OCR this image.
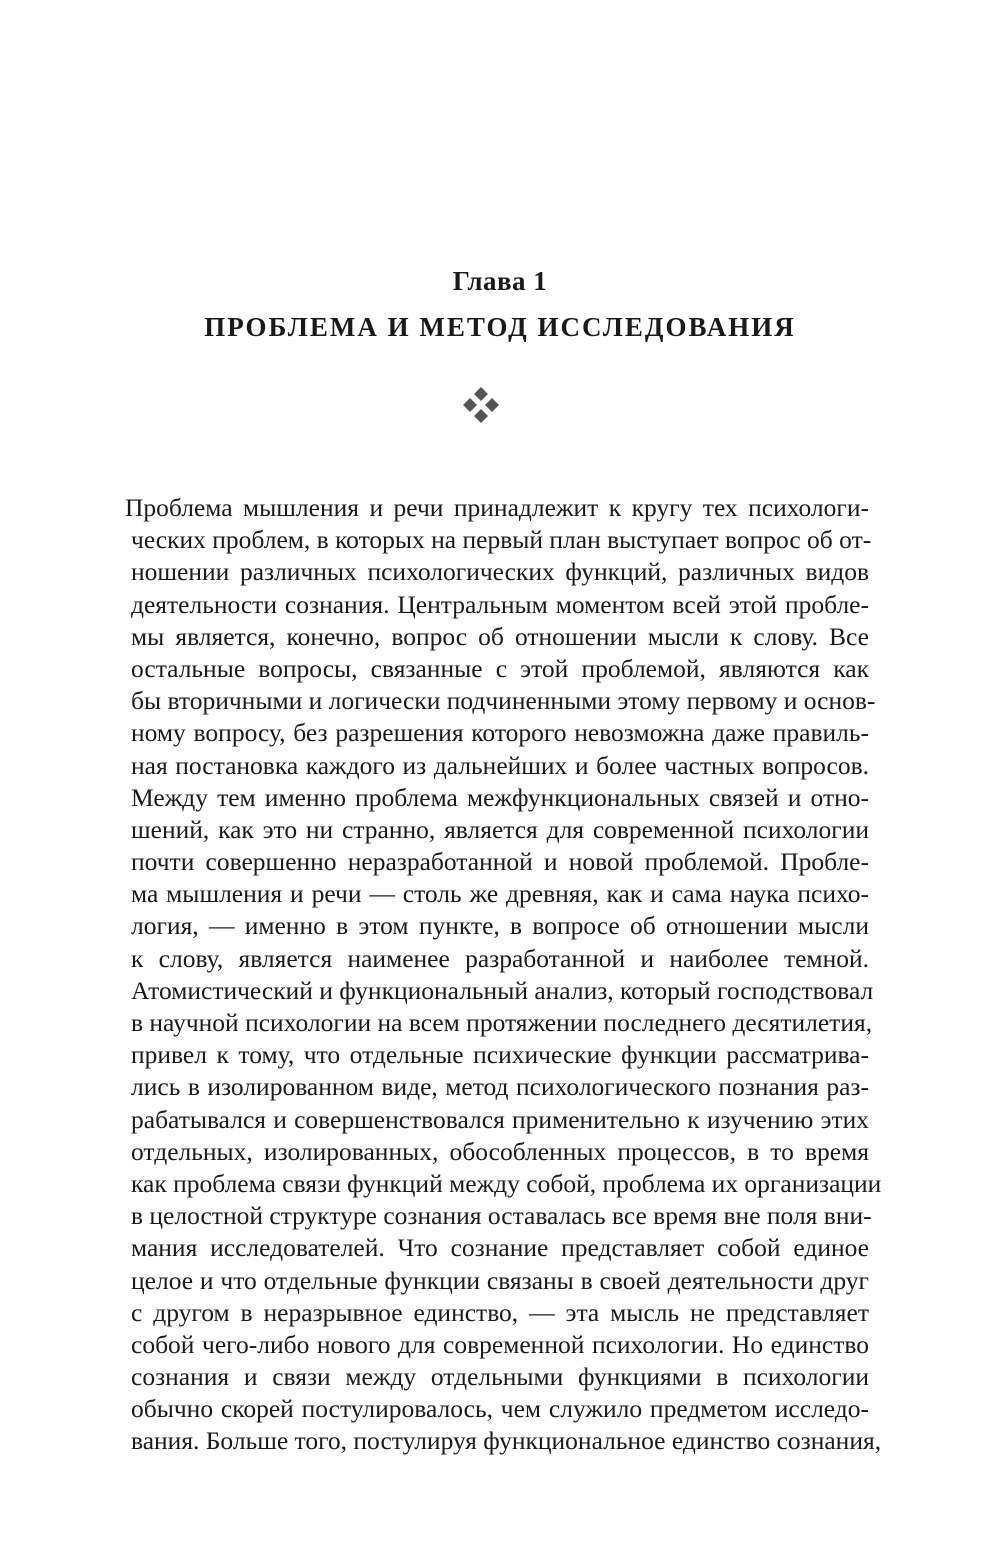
Глава 1
ПРОБЛЕМА И МЕТОД ИССЛЕДОВАНИЯ
Проблема мышления и речи принадлежит к кругу тех психологи-
ческих проблем, в которых на первый план выступает вопрос об от-
ношении различных психологических функций, различных видов
деятельности сознания. Центральным моментом всей этой пробле-
мы является, конечно, вопрос об отношении мысли к слову. Все
остальные вопросы, связанные с этой проблемой, являются как
бы вторичными и логически подчиненными этому первому и основ-
ному вопросу, без разрешения которого невозможна даже правиль-
ная постановка каждого из дальнейших и более частных вопросов.
Между тем именно проблема межфункциональных связей и отно-
шений, как это ни странно, является для современной психологии
почти совершенно неразработанной и новой проблемой. Пробле-
ма мышления и речи — столь же древняя, как и сама наука психо-
логия, — именно в этом пункте, в вопросе об отношении мысли
к слову, является наименее разработанной и наиболее темной.
Атомистический и функциональный анализ, который господствовал
в научной психологии на всем протяжении последнего десятилетия,
привел к тому, что отдельные психические функции рассматрива-
лись в изолированном виде, метод психологического познания раз-
рабатывался и совершенствовался применительно к изучению этих
отдельных, изолированных, обособленных процессов, в то время
как проблема связи функций между собой, проблема их организации
в целостной структуре сознания оставалась все время вне поля вни-
мания исследователей. Что сознание представляет собой единое
целое и что отдельные функции связаны в своей деятельности друг
с другом в неразрывное единство, — эта мысль не представляет
собой чего-либо нового для современной психологии. Но единство
сознания и связи между отдельными функциями в психологии
обычно скорей постулировалось, чем служило предметом исследо-
вания. Больше того, постулируя функциональное единство сознания,
